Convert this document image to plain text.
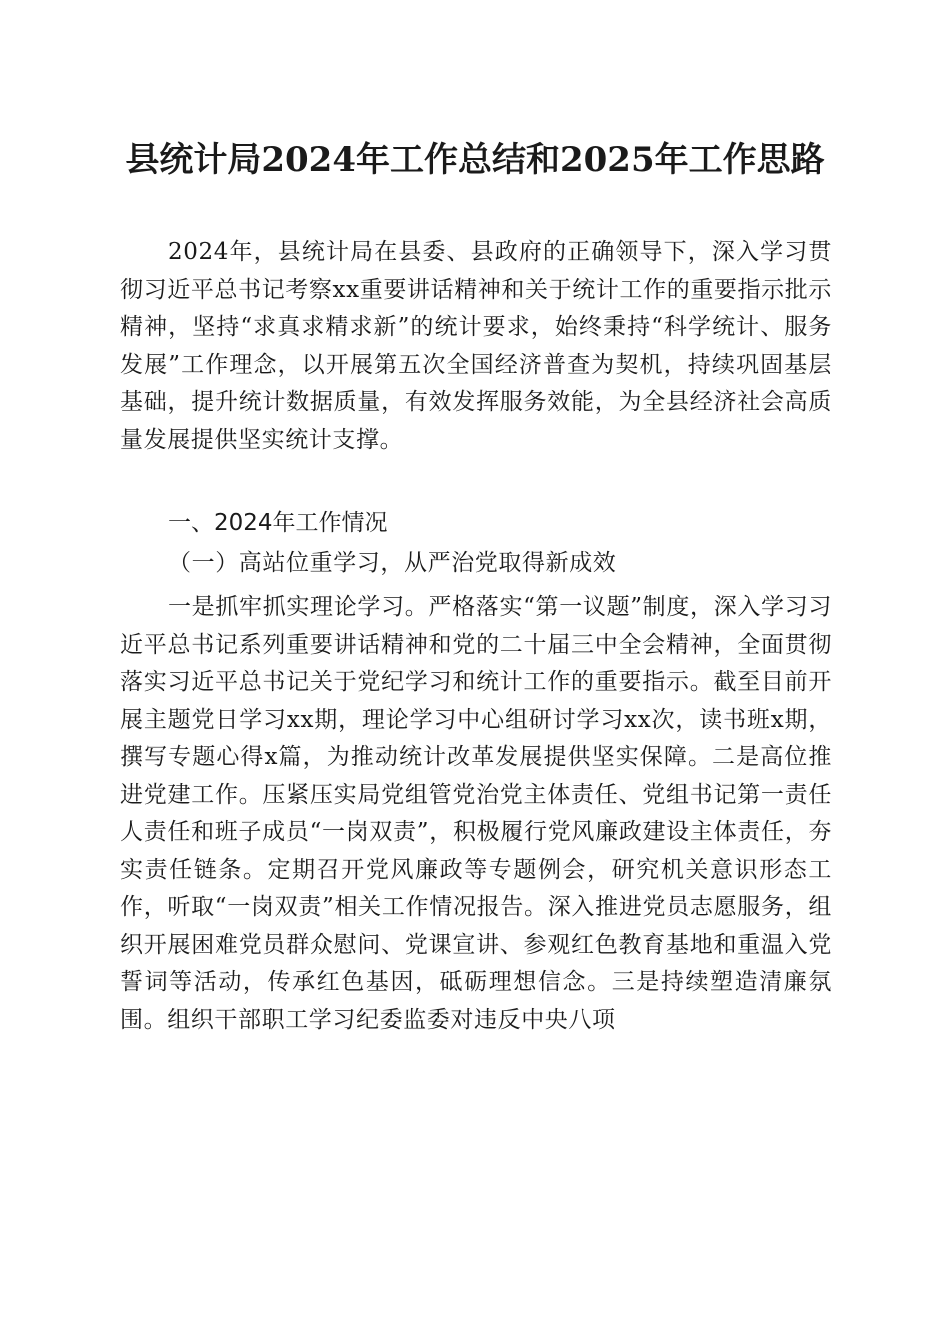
县统计局2024年工作总结和2025年工作思路

2024年，县统计局在县委、县政府的正确领导下，深入学习贯彻习近平总书记考察xx重要讲话精神和关于统计工作的重要指示批示精神，坚持“求真求精求新”的统计要求，始终秉持“科学统计、服务发展”工作理念，以开展第五次全国经济普查为契机，持续巩固基层基础，提升统计数据质量，有效发挥服务效能，为全县经济社会高质量发展提供坚实统计支撑。

一、2024年工作情况

（一）高站位重学习，从严治党取得新成效

一是抓牢抓实理论学习。严格落实“第一议题”制度，深入学习习近平总书记系列重要讲话精神和党的二十届三中全会精神，全面贯彻落实习近平总书记关于党纪学习和统计工作的重要指示。截至目前开展主题党日学习xx期，理论学习中心组研讨学习xx次，读书班x期，撰写专题心得x篇，为推动统计改革发展提供坚实保障。二是高位推进党建工作。压紧压实局党组管党治党主体责任、党组书记第一责任人责任和班子成员“一岗双责”，积极履行党风廉政建设主体责任，夯实责任链条。定期召开党风廉政等专题例会，研究机关意识形态工作，听取“一岗双责”相关工作情况报告。深入推进党员志愿服务，组织开展困难党员群众慰问、党课宣讲、参观红色教育基地和重温入党誓词等活动，传承红色基因，砥砺理想信念。三是持续塑造清廉氛围。组织干部职工学习纪委监委对违反中央八项
